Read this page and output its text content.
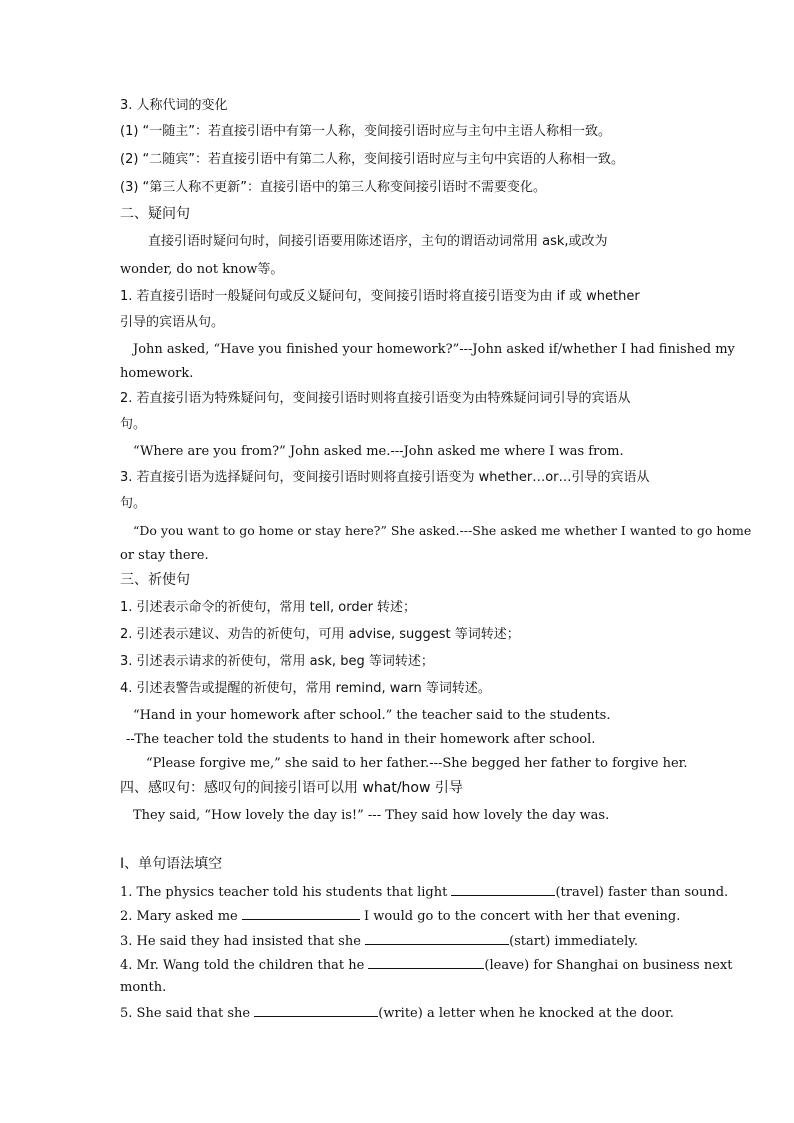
3. 人称代词的变化
(1) “一随主”：若直接引语中有第一人称，变间接引语时应与主句中主语人称相一致。
(2) “二随宾”：若直接引语中有第二人称，变间接引语时应与主句中宾语的人称相一致。
(3) “第三人称不更新”：直接引语中的第三人称变间接引语时不需要变化。
二、疑问句
直接引语时疑问句时，间接引语要用陈述语序，主句的谓语动词常用 ask,或改为
wonder, do not know等。
1. 若直接引语时一般疑问句或反义疑问句，变间接引语时将直接引语变为由 if 或 whether
引导的宾语从句。
John asked, “Have you finished your homework?”---John asked if/whether I had finished my
homework.
2. 若直接引语为特殊疑问句，变间接引语时则将直接引语变为由特殊疑问词引导的宾语从
句。
“Where are you from?” John asked me.---John asked me where I was from.
3. 若直接引语为选择疑问句，变间接引语时则将直接引语变为 whether…or…引导的宾语从
句。
“Do you want to go home or stay here?” She asked.---She asked me whether I wanted to go home
or stay there.
三、祈使句
1. 引述表示命令的祈使句，常用 tell, order 转述；
2. 引述表示建议、劝告的祈使句，可用 advise, suggest 等词转述；
3. 引述表示请求的祈使句，常用 ask, beg 等词转述；
4. 引述表警告或提醒的祈使句，常用 remind, warn 等词转述。
“Hand in your homework after school.” the teacher said to the students.
--The teacher told the students to hand in their homework after school.
“Please forgive me,” she said to her father.---She begged her father to forgive her.
四、感叹句：感叹句的间接引语可以用 what/how 引导
They said, “How lovely the day is!” --- They said how lovely the day was.
I、单句语法填空
1. The physics teacher told his students that light	(travel) faster than sound.
2. Mary asked me	I would go to the concert with her that evening.
3. He said they had insisted that she	(start) immediately.
4. Mr. Wang told the children that he	(leave) for Shanghai on business next
month.
5. She said that she	(write) a letter when he knocked at the door.
